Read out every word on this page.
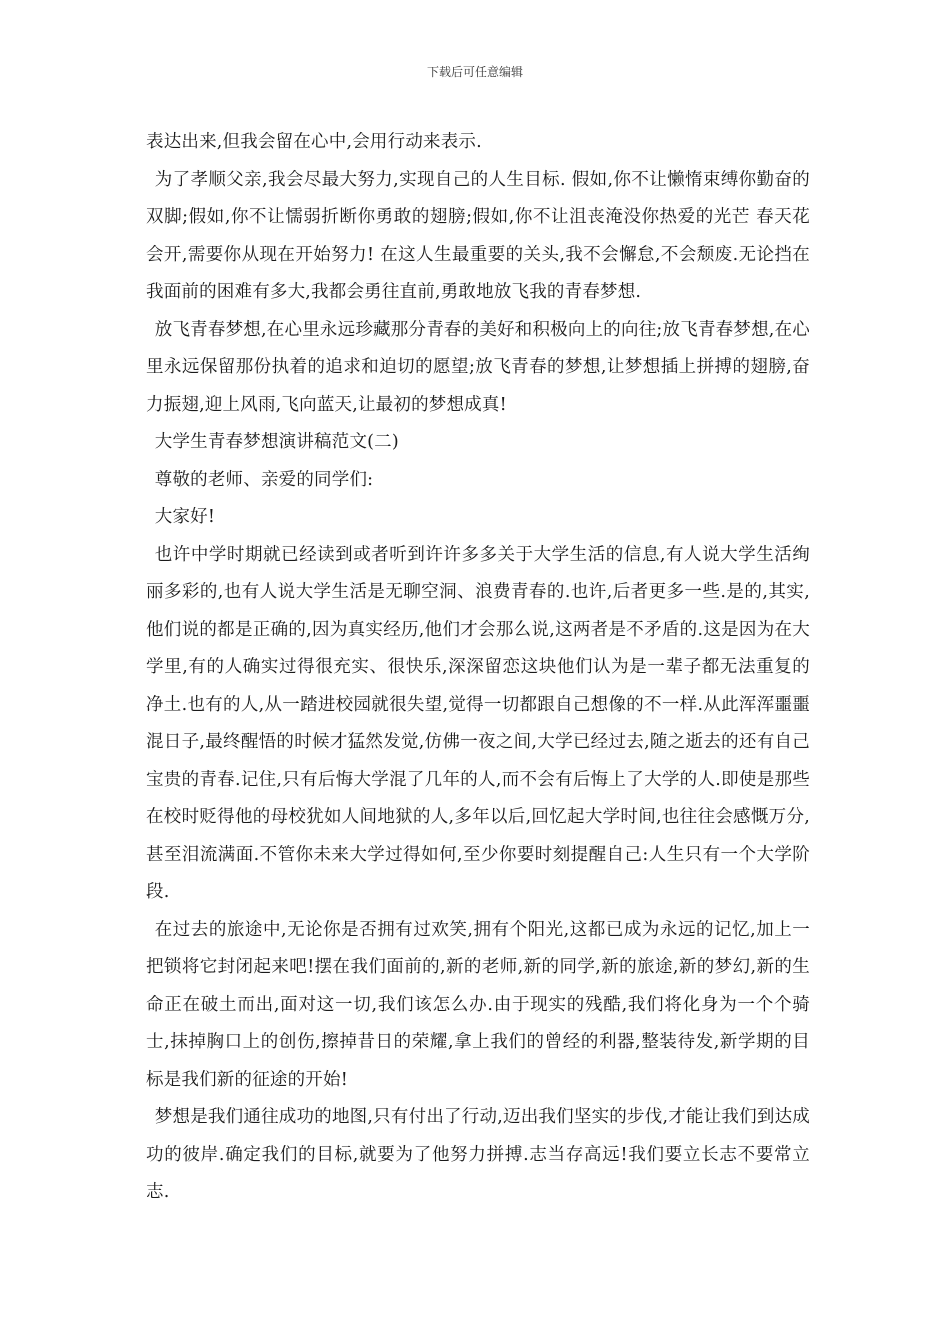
下载后可任意编辑

表达出来,但我会留在心中,会用行动来表示.

为了孝顺父亲,我会尽最大努力,实现自己的人生目标. 假如,你不让懒惰束缚你勤奋的双脚;假如,你不让懦弱折断你勇敢的翅膀;假如,你不让沮丧淹没你热爱的光芒 春天花会开,需要你从现在开始努力! 在这人生最重要的关头,我不会懈怠,不会颓废.无论挡在我面前的困难有多大,我都会勇往直前,勇敢地放飞我的青春梦想.

放飞青春梦想,在心里永远珍藏那分青春的美好和积极向上的向往;放飞青春梦想,在心里永远保留那份执着的追求和迫切的愿望;放飞青春的梦想,让梦想插上拼搏的翅膀,奋力振翅,迎上风雨,飞向蓝天,让最初的梦想成真!

大学生青春梦想演讲稿范文(二)

尊敬的老师、亲爱的同学们:

大家好!

也许中学时期就已经读到或者听到许许多多关于大学生活的信息,有人说大学生活绚丽多彩的,也有人说大学生活是无聊空洞、浪费青春的.也许,后者更多一些.是的,其实,他们说的都是正确的,因为真实经历,他们才会那么说,这两者是不矛盾的.这是因为在大学里,有的人确实过得很充实、很快乐,深深留恋这块他们认为是一辈子都无法重复的净土.也有的人,从一踏进校园就很失望,觉得一切都跟自己想像的不一样.从此浑浑噩噩混日子,最终醒悟的时候才猛然发觉,仿佛一夜之间,大学已经过去,随之逝去的还有自己宝贵的青春.记住,只有后悔大学混了几年的人,而不会有后悔上了大学的人.即使是那些在校时贬得他的母校犹如人间地狱的人,多年以后,回忆起大学时间,也往往会感慨万分,甚至泪流满面.不管你未来大学过得如何,至少你要时刻提醒自己:人生只有一个大学阶段.

在过去的旅途中,无论你是否拥有过欢笑,拥有个阳光,这都已成为永远的记忆,加上一把锁将它封闭起来吧!摆在我们面前的,新的老师,新的同学,新的旅途,新的梦幻,新的生命正在破土而出,面对这一切,我们该怎么办.由于现实的残酷,我们将化身为一个个骑士,抹掉胸口上的创伤,擦掉昔日的荣耀,拿上我们的曾经的利器,整装待发,新学期的目标是我们新的征途的开始!

梦想是我们通往成功的地图,只有付出了行动,迈出我们坚实的步伐,才能让我们到达成功的彼岸.确定我们的目标,就要为了他努力拼搏.志当存高远!我们要立长志不要常立志.
